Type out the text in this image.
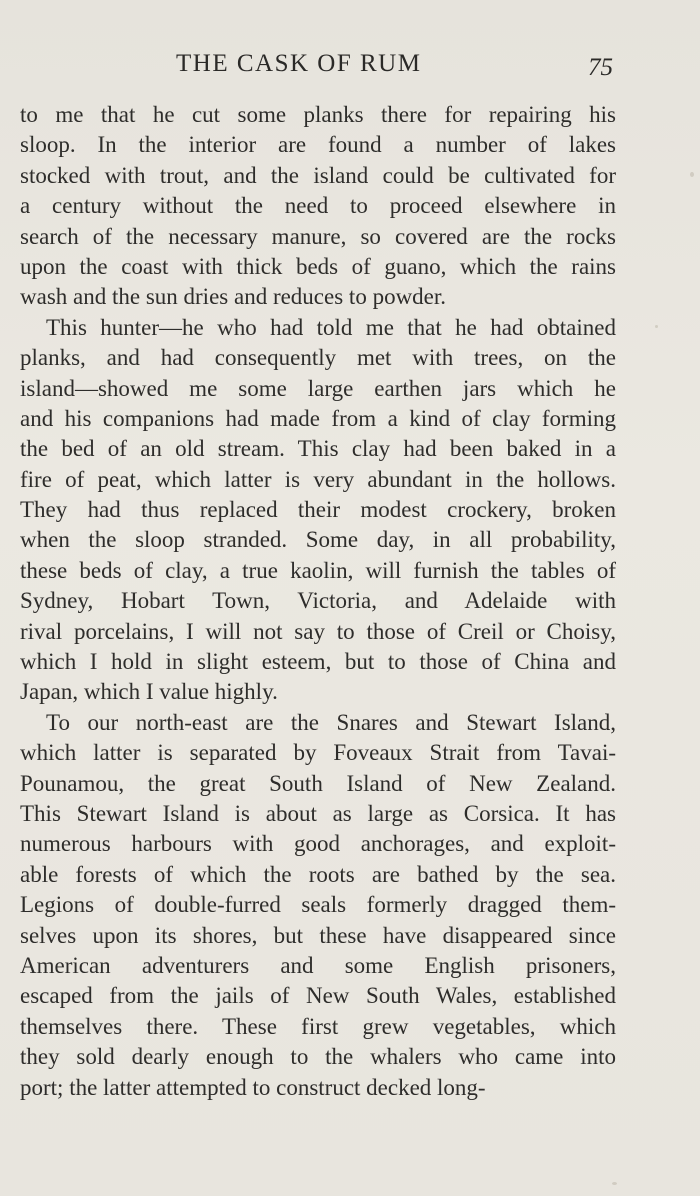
THE CASK OF RUM	75
to me that he cut some planks there for repairing his
sloop. In the interior are found a number of lakes
stocked with trout, and the island could be cultivated for
a century without the need to proceed elsewhere in
search of the necessary manure, so covered are the rocks
upon the coast with thick beds of guano, which the rains
wash and the sun dries and reduces to powder.
This hunter—he who had told me that he had obtained
planks, and had consequently met with trees, on the
island—showed me some large earthen jars which he
and his companions had made from a kind of clay forming
the bed of an old stream. This clay had been baked in a
fire of peat, which latter is very abundant in the hollows.
They had thus replaced their modest crockery, broken
when the sloop stranded. Some day, in all probability,
these beds of clay, a true kaolin, will furnish the tables of
Sydney, Hobart Town, Victoria, and Adelaide with
rival porcelains, I will not say to those of Creil or Choisy,
which I hold in slight esteem, but to those of China and
Japan, which I value highly.
To our north-east are the Snares and Stewart Island,
which latter is separated by Foveaux Strait from Tavai-
Pounamou, the great South Island of New Zealand.
This Stewart Island is about as large as Corsica. It has
numerous harbours with good anchorages, and exploit-
able forests of which the roots are bathed by the sea.
Legions of double-furred seals formerly dragged them-
selves upon its shores, but these have disappeared since
American adventurers and some English prisoners,
escaped from the jails of New South Wales, established
themselves there. These first grew vegetables, which
they sold dearly enough to the whalers who came into
port; the latter attempted to construct decked long-
